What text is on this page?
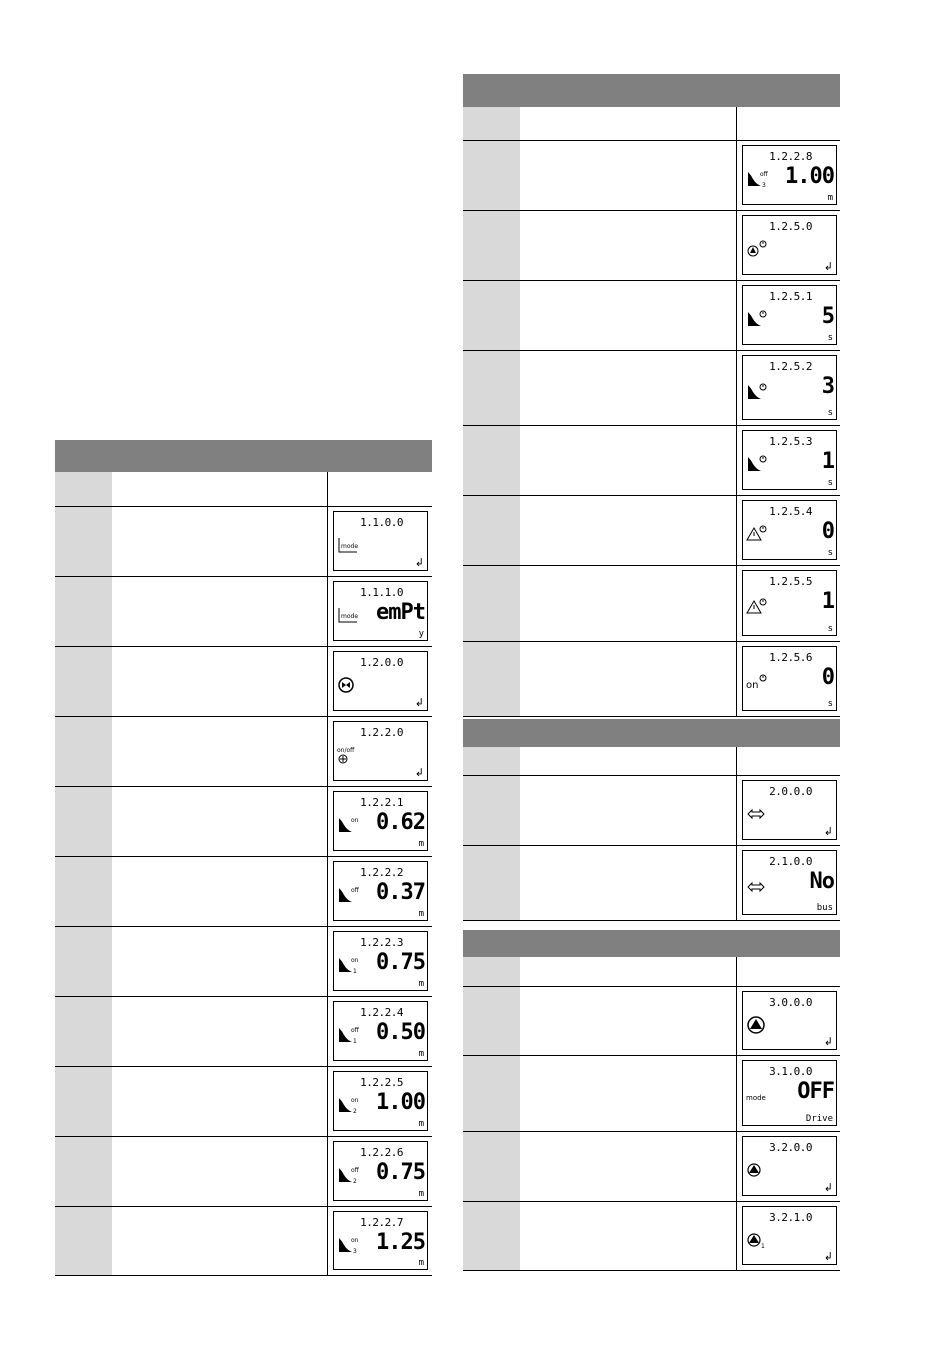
mode
1.1.0.0
↲
mode
1.1.1.0
emPt
y
1.2.0.0
↲
on/off
1.2.2.0
↲
on
1.2.2.1
0.62
m
off
1.2.2.2
0.37
m
on
1
1.2.2.3
0.75
m
off
1
1.2.2.4
0.50
m
on
2
1.2.2.5
1.00
m
off
2
1.2.2.6
0.75
m
on
3
1.2.2.7
1.25
m
off
3
1.2.2.8
1.00
m
1.2.5.0
↲
1.2.5.1
5
s
1.2.5.2
3
s
1.2.5.3
1
s
1.2.5.4
0
s
1.2.5.5
1
s
on
1.2.5.6
0
s
2.0.0.0
↲
2.1.0.0
No
bus
3.0.0.0
↲
mode
3.1.0.0
OFF
Drive
3.2.0.0
↲
1
3.2.1.0
↲
